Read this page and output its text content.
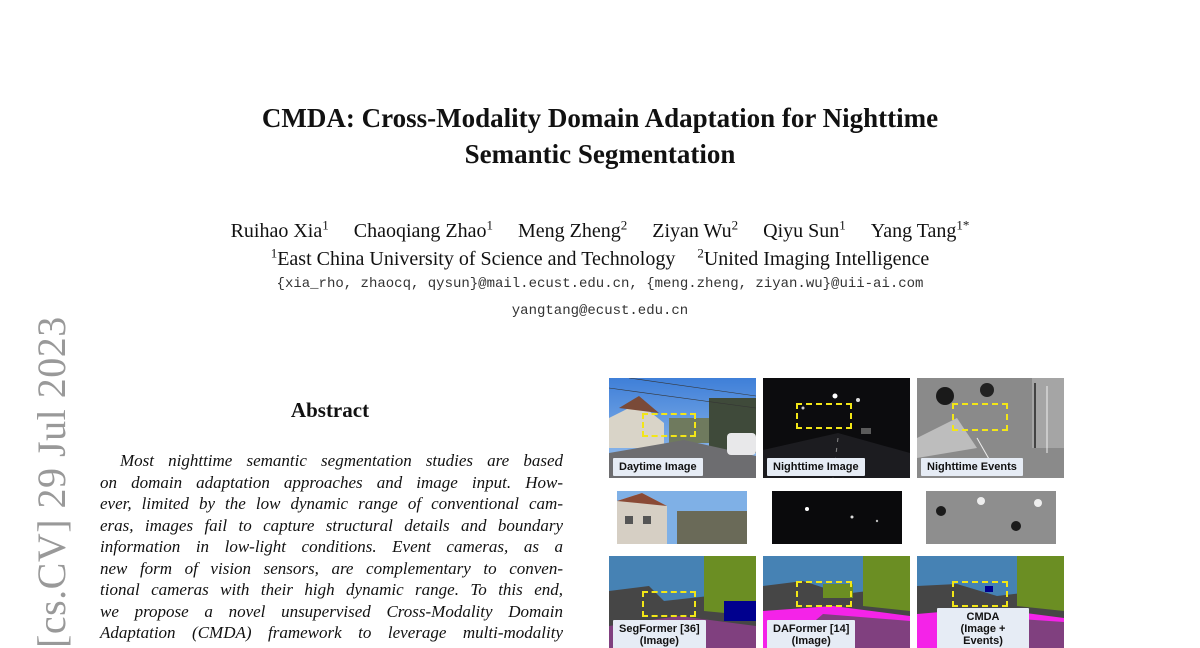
CMDA: Cross-Modality Domain Adaptation for Nighttime
Semantic Segmentation
Ruihao Xia$^1$ Chaoqiang Zhao$^1$ Meng Zheng$^2$ Ziyan Wu$^2$ Qiyu Sun$^1$ Yang Tang$^{1*}$
$^1$East China University of Science and Technology $^2$United Imaging Intelligence
{xia_rho, zhaocq, qysun}@mail.ecust.edu.cn, {meng.zheng, ziyan.wu}@uii-ai.com
yangtang@ecust.edu.cn
[cs.CV] 29 Jul 2023	Abstract
Most nighttime semantic segmentation studies are based
on domain adaptation approaches and image input. How-
ever, limited by the low dynamic range of conventional cam-
eras, images fail to capture structural details and boundary
information in low-light conditions. Event cameras, as a
new form of vision sensors, are complementary to conven-
tional cameras with their high dynamic range. To this end,
we propose a novel unsupervised Cross-Modality Domain
Adaptation (CMDA) framework to leverage multi-modality
Daytime Image	Nighttime Image	Nighttime Events
SegFormer [36]
(Image)
DAFormer [14]
(Image)
CMDA
(Image + Events)
